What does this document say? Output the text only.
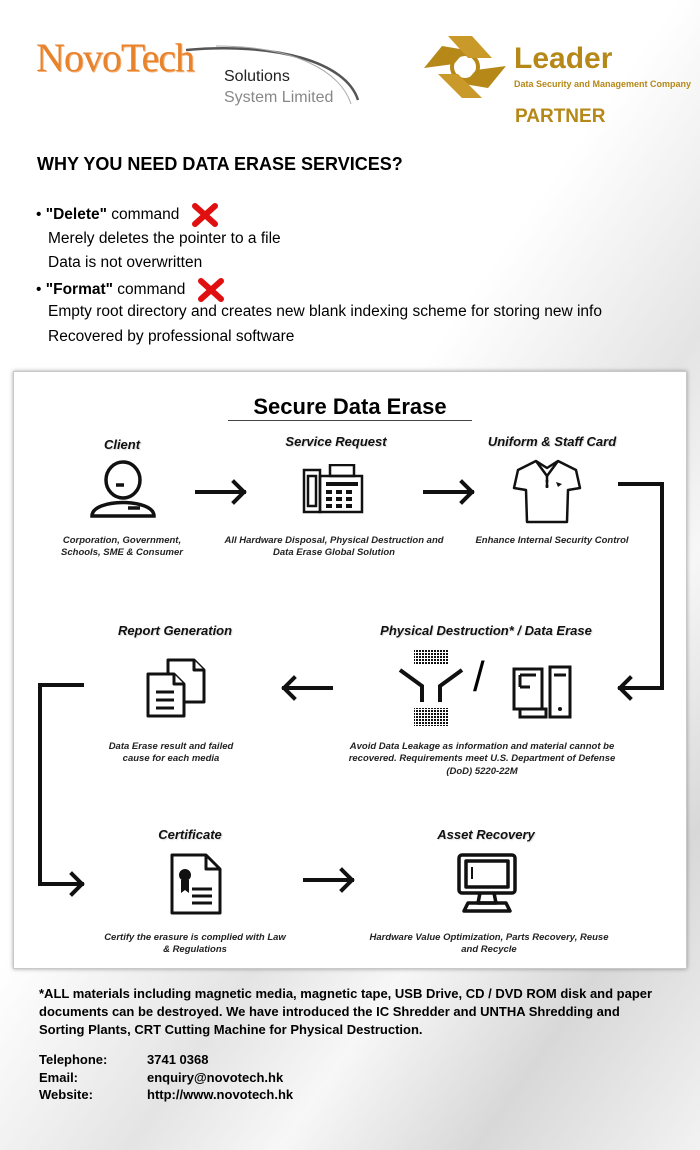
NovoTech Solutions
System Limited
Leader
Data Security and Management Company
PARTNER
WHY YOU NEED DATA ERASE SERVICES?
• "Delete" command
Merely deletes the pointer to a file
Data is not overwritten
• "Format" command
Empty root directory and creates new blank indexing scheme for storing new info
Recovered by professional software
Secure Data Erase
Client
Corporation, Government, Schools, SME & Consumer
Service Request
All Hardware Disposal, Physical Destruction and Data Erase Global Solution
Uniform & Staff Card
Enhance Internal Security Control
Physical Destruction* / Data Erase
/
Avoid Data Leakage as information and material cannot be recovered. Requirements meet U.S. Department of Defense (DoD) 5220-22M
Report Generation
Data Erase result and failed cause for each media
Certificate
Certify the erasure is complied with Law & Regulations
Asset Recovery
Hardware Value Optimization, Parts Recovery, Reuse and Recycle
*ALL materials including magnetic media, magnetic tape, USB Drive, CD / DVD ROM disk and paper documents can be destroyed. We have introduced the IC Shredder and UNTHA Shredding and Sorting Plants, CRT Cutting Machine for Physical Destruction.
Telephone:	3741 0368
Email:	enquiry@novotech.hk
Website:	http://www.novotech.hk
